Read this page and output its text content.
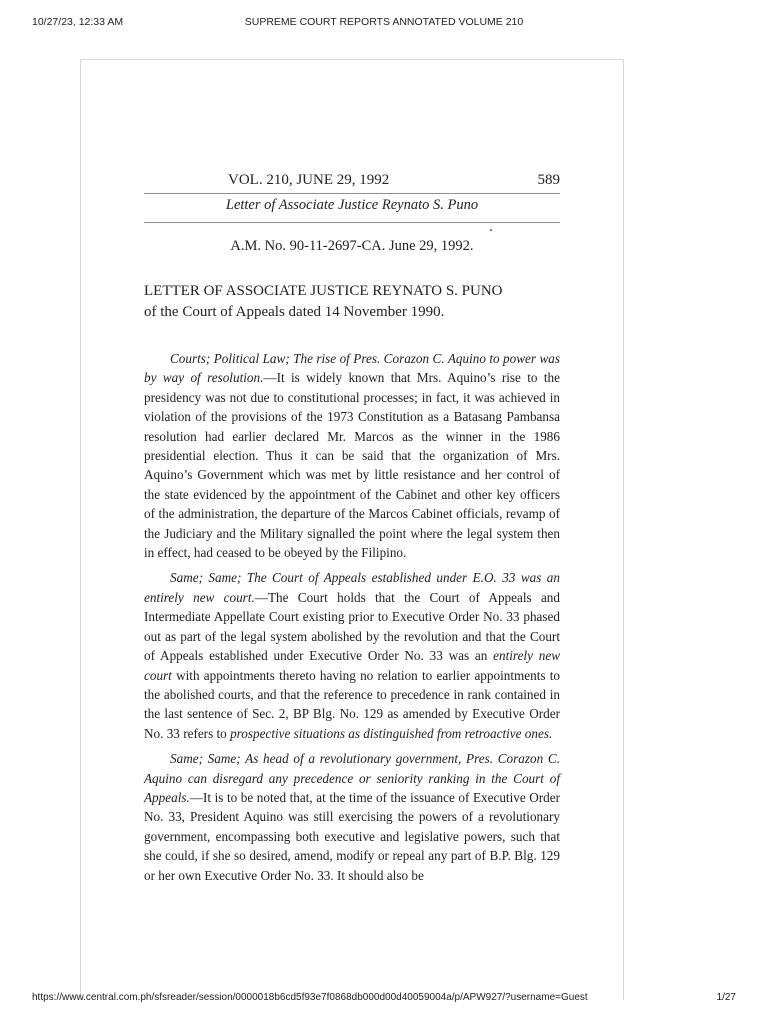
10/27/23, 12:33 AM	SUPREME COURT REPORTS ANNOTATED VOLUME 210
VOL. 210, JUNE 29, 1992	589
Letter of Associate Justice Reynato S. Puno
A.M. No. 90-11-2697-CA. June 29, 1992.
LETTER OF ASSOCIATE JUSTICE REYNATO S. PUNO
of the Court of Appeals dated 14 November 1990.

Courts; Political Law; The rise of Pres. Corazon C. Aquino to power was by way of resolution.—It is widely known that Mrs. Aquino’s rise to the presidency was not due to constitutional processes; in fact, it was achieved in violation of the provisions of the 1973 Constitution as a Batasang Pambansa resolution had earlier declared Mr. Marcos as the winner in the 1986 presidential election. Thus it can be said that the organization of Mrs. Aquino’s Government which was met by little resistance and her control of the state evidenced by the appointment of the Cabinet and other key officers of the administration, the departure of the Marcos Cabinet officials, revamp of the Judiciary and the Military signalled the point where the legal system then in effect, had ceased to be obeyed by the Filipino.

Same; Same; The Court of Appeals established under E.O. 33 was an entirely new court.—The Court holds that the Court of Appeals and Intermediate Appellate Court existing prior to Executive Order No. 33 phased out as part of the legal system abolished by the revolution and that the Court of Appeals established under Executive Order No. 33 was an entirely new court with appointments thereto having no relation to earlier appointments to the abolished courts, and that the reference to precedence in rank contained in the last sentence of Sec. 2, BP Blg. No. 129 as amended by Executive Order No. 33 refers to prospective situations as distinguished from retroactive ones.

Same; Same; As head of a revolutionary government, Pres. Corazon C. Aquino can disregard any precedence or seniority ranking in the Court of Appeals.—It is to be noted that, at the time of the issuance of Executive Order No. 33, President Aquino was still exercising the powers of a revolutionary government, encompassing both executive and legislative powers, such that she could, if she so desired, amend, modify or repeal any part of B.P. Blg. 129 or her own Executive Order No. 33. It should also be

https://www.central.com.ph/sfsreader/session/0000018b6cd5f93e7f0868db000d00d40059004a/p/APW927/?username=Guest	1/27
